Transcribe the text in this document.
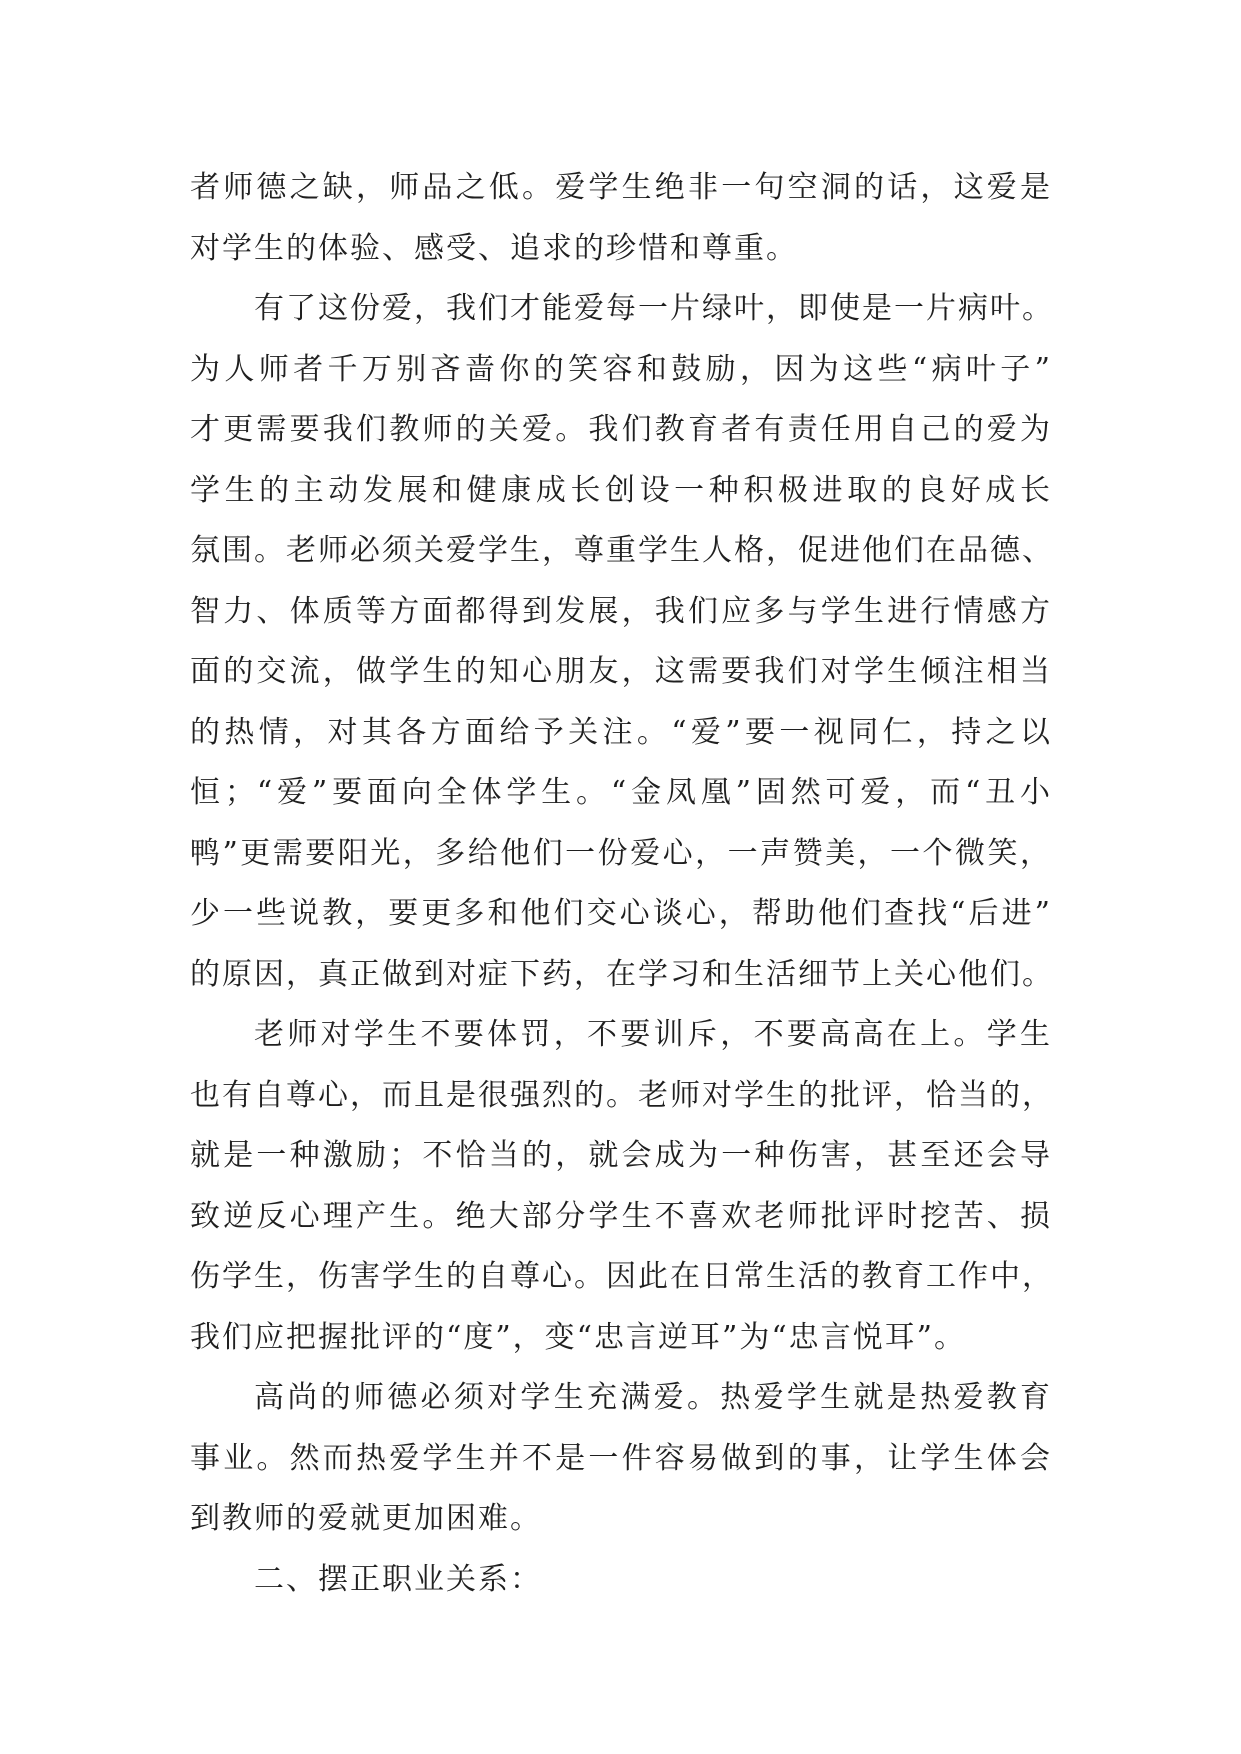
者师德之缺，师品之低。爱学生绝非一句空洞的话，这爱是
对学生的体验、感受、追求的珍惜和尊重。
有了这份爱，我们才能爱每一片绿叶，即使是一片病叶。
为人师者千万别吝啬你的笑容和鼓励，因为这些“病叶子”
才更需要我们教师的关爱。我们教育者有责任用自己的爱为
学生的主动发展和健康成长创设一种积极进取的良好成长
氛围。老师必须关爱学生，尊重学生人格，促进他们在品德、
智力、体质等方面都得到发展，我们应多与学生进行情感方
面的交流，做学生的知心朋友，这需要我们对学生倾注相当
的热情，对其各方面给予关注。“爱”要一视同仁，持之以
恒；“爱”要面向全体学生。“金凤凰”固然可爱，而“丑小
鸭”更需要阳光，多给他们一份爱心，一声赞美，一个微笑，
少一些说教，要更多和他们交心谈心，帮助他们查找“后进”
的原因，真正做到对症下药，在学习和生活细节上关心他们。
老师对学生不要体罚，不要训斥，不要高高在上。学生
也有自尊心，而且是很强烈的。老师对学生的批评，恰当的，
就是一种激励；不恰当的，就会成为一种伤害，甚至还会导
致逆反心理产生。绝大部分学生不喜欢老师批评时挖苦、损
伤学生，伤害学生的自尊心。因此在日常生活的教育工作中，
我们应把握批评的“度”，变“忠言逆耳”为“忠言悦耳”。
高尚的师德必须对学生充满爱。热爱学生就是热爱教育
事业。然而热爱学生并不是一件容易做到的事，让学生体会
到教师的爱就更加困难。
二、摆正职业关系：
